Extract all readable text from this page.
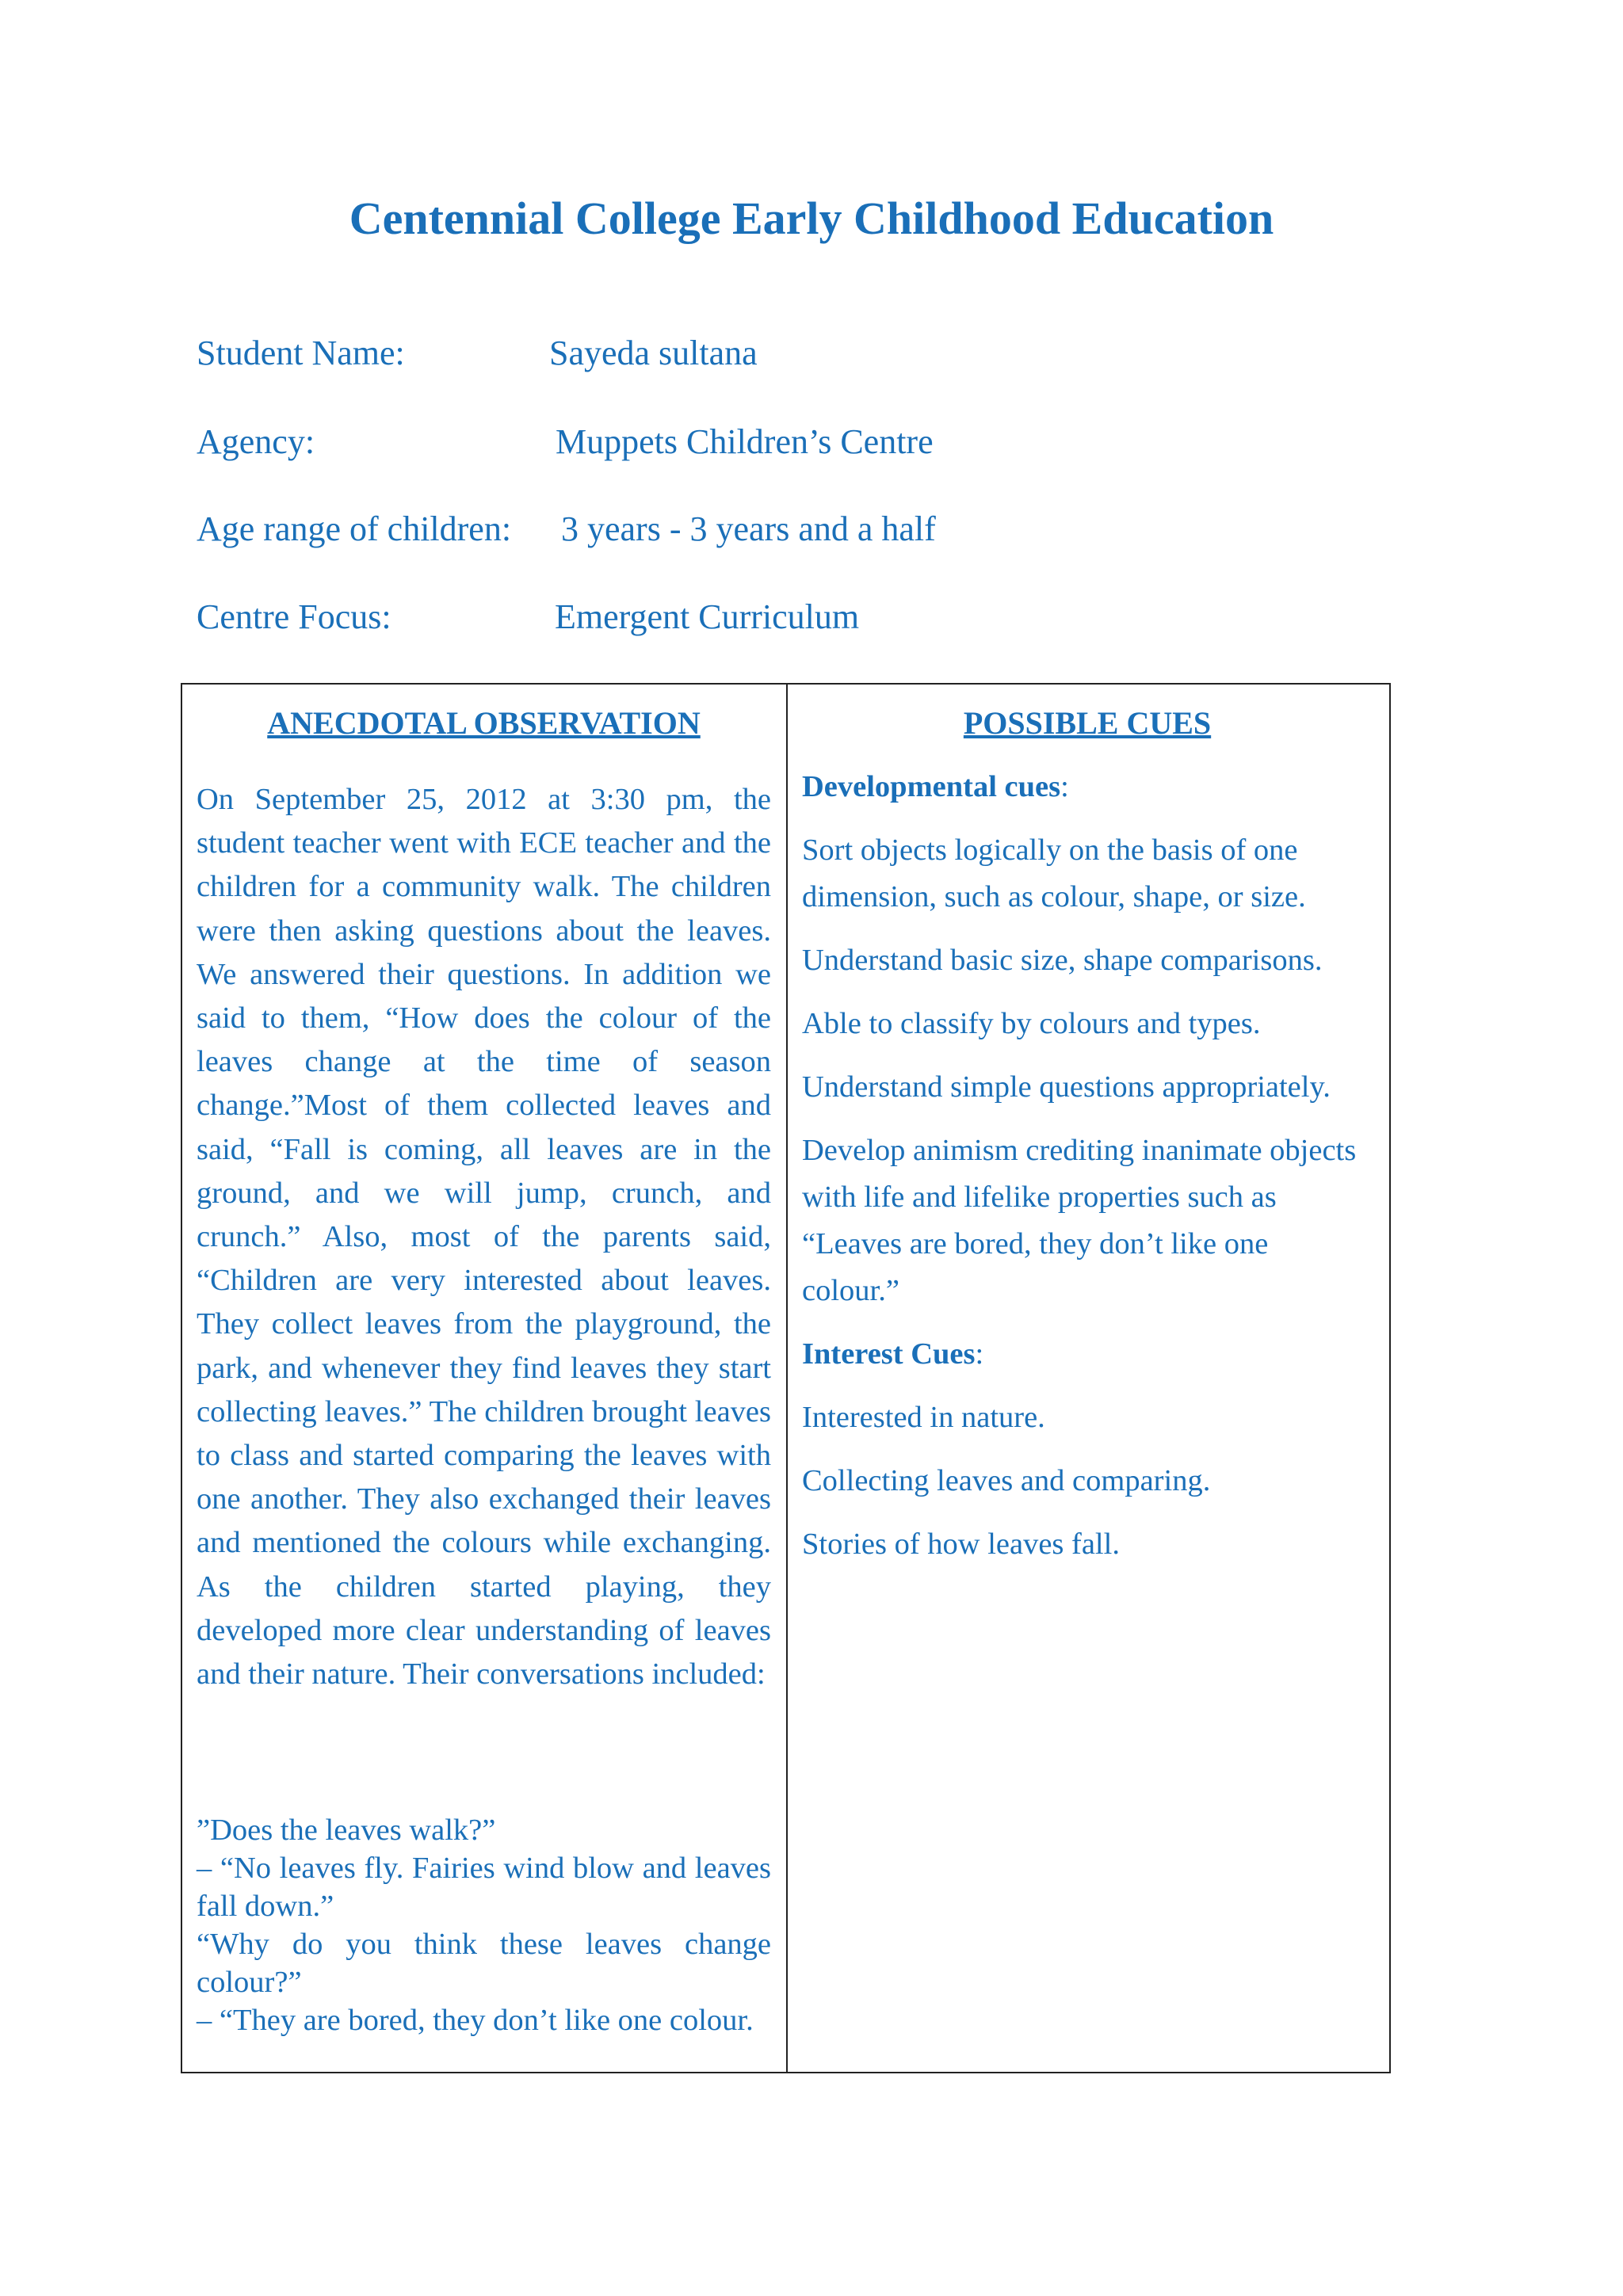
Centennial College Early Childhood Education
Student Name:	Sayeda sultana
Agency:	Muppets Children’s Centre
Age range of children: 3 years - 3 years and a half
Centre Focus:	Emergent Curriculum
ANECDOTAL OBSERVATION

On September 25, 2012 at 3:30 pm, the student teacher went with ECE teacher and the children for a community walk. The children were then asking questions about the leaves. We answered their questions. In addition we said to them, “How does the colour of the leaves change at the time of season change.”Most of them collected leaves and said, “Fall is coming, all leaves are in the ground, and we will jump, crunch, and crunch.” Also, most of the parents said, “Children are very interested about leaves. They collect leaves from the playground, the park, and whenever they find leaves they start collecting leaves.” The children brought leaves to class and started comparing the leaves with one another. They also exchanged their leaves and mentioned the colours while exchanging. As the children started playing, they developed more clear understanding of leaves and their nature. Their conversations included:

”Does the leaves walk?”
– “No leaves fly. Fairies wind blow and leaves fall down.”
“Why do you think these leaves change colour?”
– “They are bored, they don’t like one colour.
POSSIBLE CUES
Developmental cues:
Sort objects logically on the basis of one dimension, such as colour, shape, or size.
Understand basic size, shape comparisons.
Able to classify by colours and types.
Understand simple questions appropriately.
Develop animism crediting inanimate objects with life and lifelike properties such as “Leaves are bored, they don’t like one colour.”
Interest Cues:
Interested in nature.
Collecting leaves and comparing.
Stories of how leaves fall.
